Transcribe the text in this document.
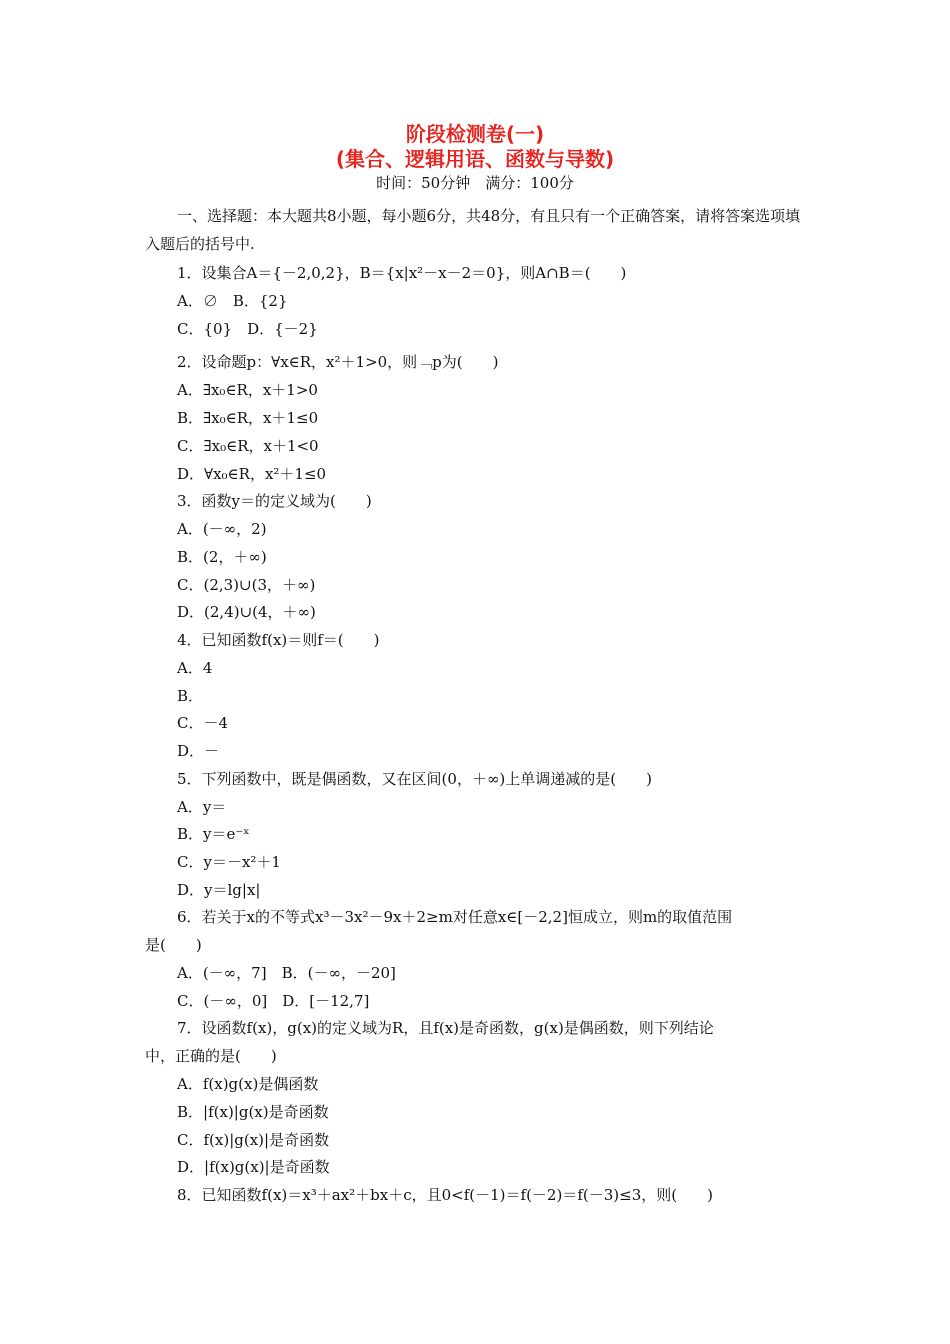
阶段检测卷(一)
(集合、逻辑用语、函数与导数)
时间：50分钟　满分：100分
一、选择题：本大题共8小题，每小题6分，共48分，有且只有一个正确答案，请将答案选项填入题后的括号中.
1．设集合A＝{－2,0,2}，B＝{x|x²－x－2＝0}，则A∩B＝(　　)
A．∅　B．{2}
C．{0}　D．{－2}
2．设命题p：∀x∈R，x²＋1>0，则﹁p为(　　)
A．∃x₀∈R，x＋1>0
B．∃x₀∈R，x＋1≤0
C．∃x₀∈R，x＋1<0
D．∀x₀∈R，x²＋1≤0
3．函数y＝的定义域为(　　)
A．(－∞，2)
B．(2，＋∞)
C．(2,3)∪(3，＋∞)
D．(2,4)∪(4，＋∞)
4．已知函数f(x)＝则f＝(　　)
A．4
B．
C．－4
D．－
5．下列函数中，既是偶函数，又在区间(0，＋∞)上单调递减的是(　　)
A．y＝
B．y＝e⁻ˣ
C．y＝－x²＋1
D．y＝lg|x|
6．若关于x的不等式x³－3x²－9x＋2≥m对任意x∈[－2,2]恒成立，则m的取值范围
是(　　)
A．(－∞，7]　B．(－∞，－20]
C．(－∞，0]　D．[－12,7]
7．设函数f(x)，g(x)的定义域为R，且f(x)是奇函数，g(x)是偶函数，则下列结论
中，正确的是(　　)
A．f(x)g(x)是偶函数
B．|f(x)|g(x)是奇函数
C．f(x)|g(x)|是奇函数
D．|f(x)g(x)|是奇函数
8．已知函数f(x)＝x³＋ax²＋bx＋c，且0<f(－1)＝f(－2)＝f(－3)≤3，则(　　)
